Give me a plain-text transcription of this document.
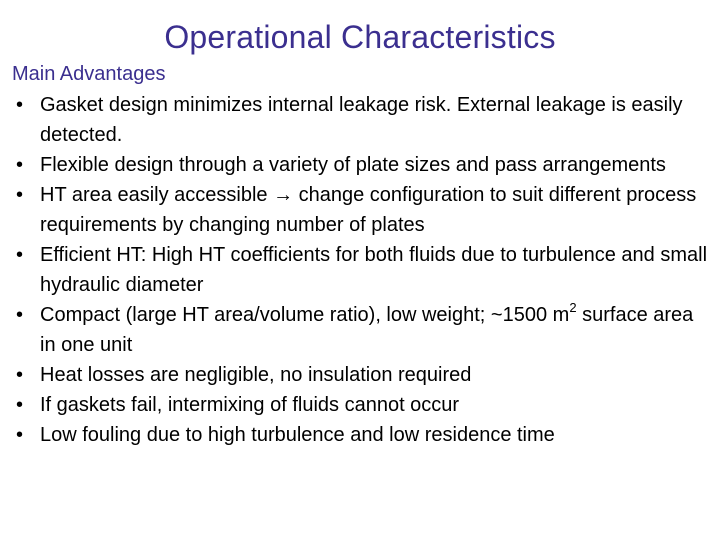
Operational Characteristics
Main Advantages
• Gasket design minimizes internal leakage risk. External leakage is easily detected.
• Flexible design through a variety of plate sizes and pass arrangements
• HT area easily accessible → change configuration to suit different process requirements by changing number of plates
• Efficient HT: High HT coefficients for both fluids due to turbulence and small hydraulic diameter
• Compact (large HT area/volume ratio), low weight; ~1500 $m^2$ surface area in one unit
• Heat losses are negligible, no insulation required
• If gaskets fail, intermixing of fluids cannot occur
• Low fouling due to high turbulence and low residence time
